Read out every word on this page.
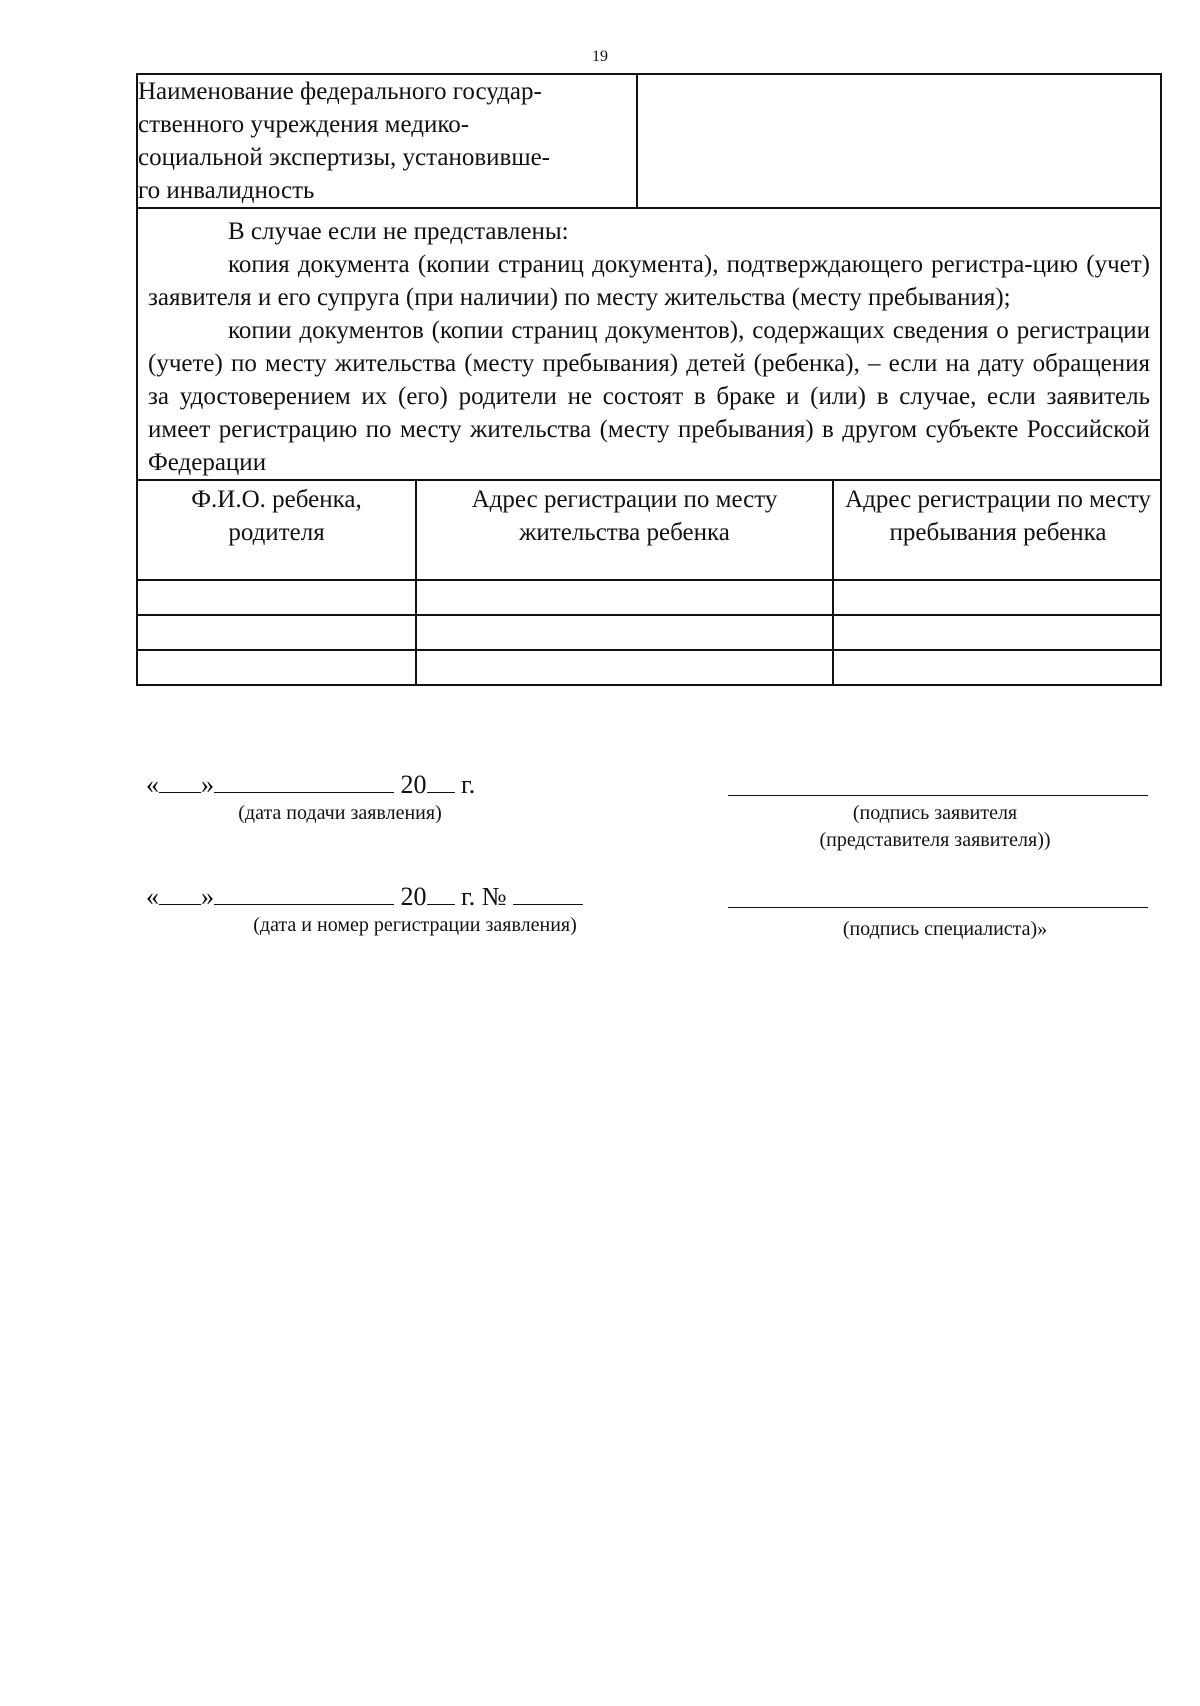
19
Наименование федерального государ-
ственного учреждения медико-
социальной экспертизы, установивше-
го инвалидность

В случае если не представлены:

копия документа (копии страниц документа), подтверждающего регистра-цию (учет) заявителя и его супруга (при наличии) по месту жительства (месту пребывания);

копии документов (копии страниц документов), содержащих сведения о регистрации (учете) по месту жительства (месту пребывания) детей (ребенка), – если на дату обращения за удостоверением их (его) родители не состоят в браке и (или) в случае, если заявитель имеет регистрацию по месту жительства (месту пребывания) в другом субъекте Российской Федерации

Ф.И.О. ребенка, родителя	Адрес регистрации по месту жительства ребенка	Адрес регистрации по месту пребывания ребенка

« »	20 г.
(дата подачи заявления)	(подпись заявителя
(представителя заявителя))
« »	20 г. №
(дата и номер регистрации заявления)	(подпись специалиста)»
